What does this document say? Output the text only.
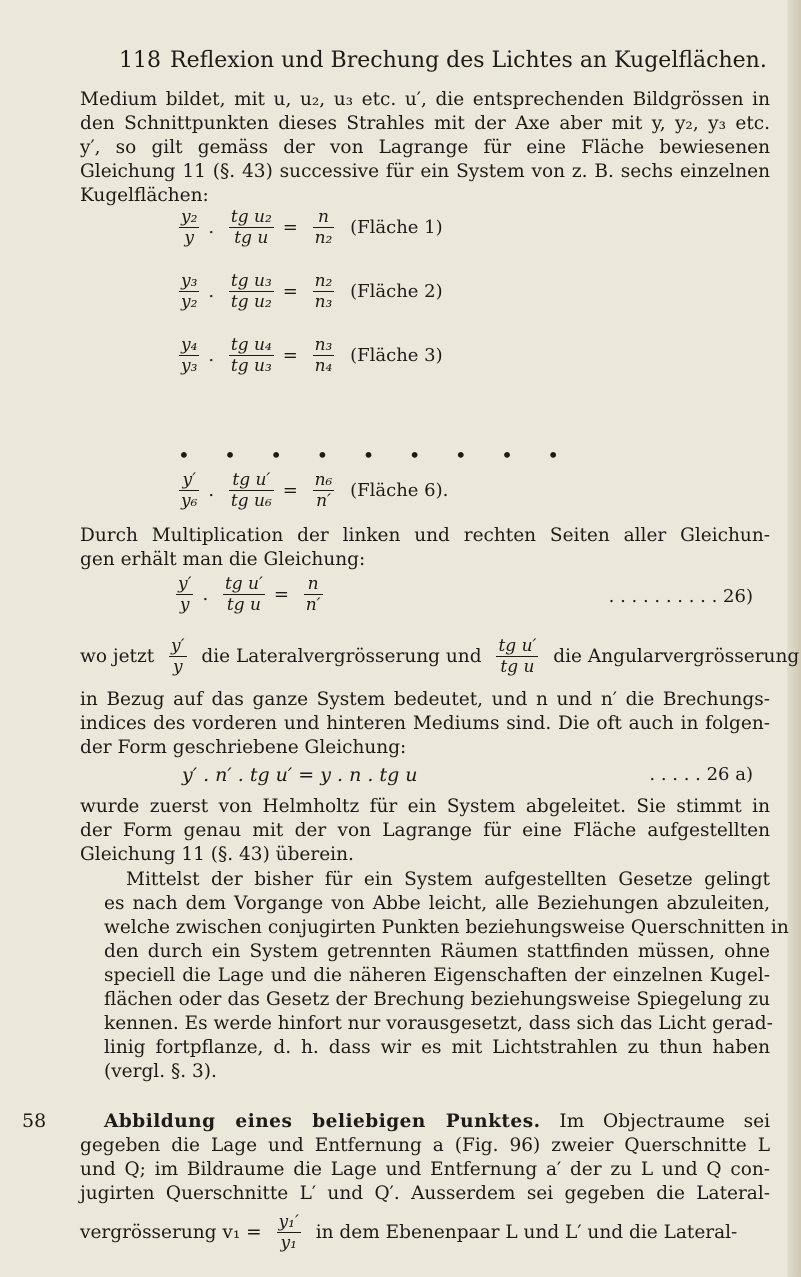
118 Reflexion und Brechung des Lichtes an Kugelflächen.
Medium bildet, mit u, u₂, u₃ etc. u′, die entsprechenden Bildgrössen in
den Schnittpunkten dieses Strahles mit der Axe aber mit y, y₂, y₃ etc.
y′, so gilt gemäss der von Lagrange für eine Fläche bewiesenen
Gleichung 11 (§. 43) successive für ein System von z. B. sechs einzelnen
Kugelflächen:
$\frac{\text{y₂}}{y}$ . $\frac{\text{tg u₂}}{\text{tg u}} = \frac{n}{\text{n₂}}$ (Fläche 1)
$\frac{\text{y₃}}{\text{y₂}}$ . $\frac{\text{tg u₃}}{\text{tg u₂}} = \frac{\text{n₂}}{\text{n₃}}$ (Fläche 2)
$\frac{\text{y₄}}{\text{y₃}}$ . $\frac{\text{tg u₄}}{\text{tg u₃}} = \frac{\text{n₃}}{\text{n₄}}$ (Fläche 3)
• • • • • • • • •
$\frac{y'}{\text{y₆}}$ . $\frac{\text{tg u′}}{\text{tg u₆}} = \frac{\text{n₆}}{n'}$ (Fläche 6).
Durch Multiplication der linken und rechten Seiten aller Gleichun-
gen erhält man die Gleichung:
$\frac{y'}{y}$ . $\frac{\text{tg u′}}{\text{tg u}} = \frac{n}{n'}$	. . . . . . . . . . 26)
wo jetzt $\frac{y'}{y}$ die Lateralvergrösserung und $\frac{\text{tg u′}}{\text{tg u}}$ die Angularvergrösserung
in Bezug auf das ganze System bedeutet, und n und n′ die Brechungs-
indices des vorderen und hinteren Mediums sind. Die oft auch in folgen-
der Form geschriebene Gleichung:
y′ . n′ . tg u′ = y . n . tg u	. . . . . 26 a)
wurde zuerst von Helmholtz für ein System abgeleitet. Sie stimmt in
der Form genau mit der von Lagrange für eine Fläche aufgestellten
Gleichung 11 (§. 43) überein.
Mittelst der bisher für ein System aufgestellten Gesetze gelingt
es nach dem Vorgange von Abbe leicht, alle Beziehungen abzuleiten,
welche zwischen conjugirten Punkten beziehungsweise Querschnitten in
den durch ein System getrennten Räumen stattfinden müssen, ohne
speciell die Lage und die näheren Eigenschaften der einzelnen Kugel-
flächen oder das Gesetz der Brechung beziehungsweise Spiegelung zu
kennen. Es werde hinfort nur vorausgesetzt, dass sich das Licht gerad-
linig fortpflanze, d. h. dass wir es mit Lichtstrahlen zu thun haben
(vergl. §. 3).
58	Abbildung eines beliebigen Punktes. Im Objectraume sei
gegeben die Lage und Entfernung a (Fig. 96) zweier Querschnitte L
und Q; im Bildraume die Lage und Entfernung a′ der zu L und Q con-
jugirten Querschnitte L′ und Q′. Ausserdem sei gegeben die Lateral-
vergrösserung $v_1 = \frac{\text{y₁′}}{\text{y₁}}$ in dem Ebenenpaar L und L′ und die Lateral-
